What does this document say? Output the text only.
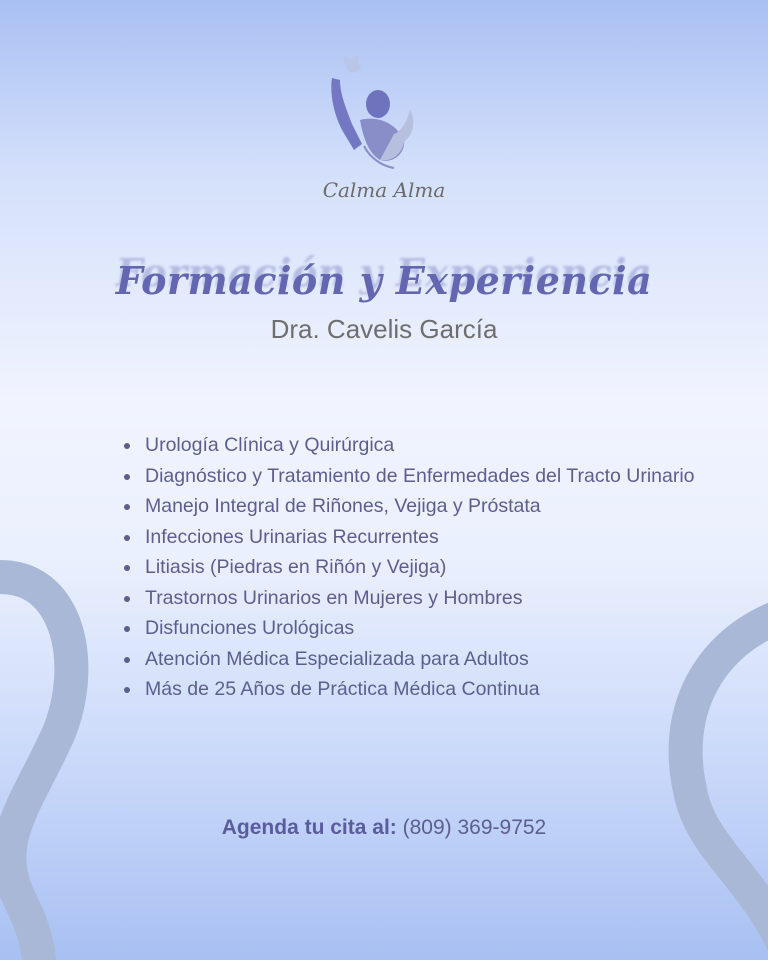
Calma Alma
Formación y Experiencia
Dra. Cavelis García
Urología Clínica y Quirúrgica
Diagnóstico y Tratamiento de Enfermedades del Tracto Urinario
Manejo Integral de Riñones, Vejiga y Próstata
Infecciones Urinarias Recurrentes
Litiasis (Piedras en Riñón y Vejiga)
Trastornos Urinarios en Mujeres y Hombres
Disfunciones Urológicas
Atención Médica Especializada para Adultos
Más de 25 Años de Práctica Médica Continua
Agenda tu cita al: (809) 369-9752
